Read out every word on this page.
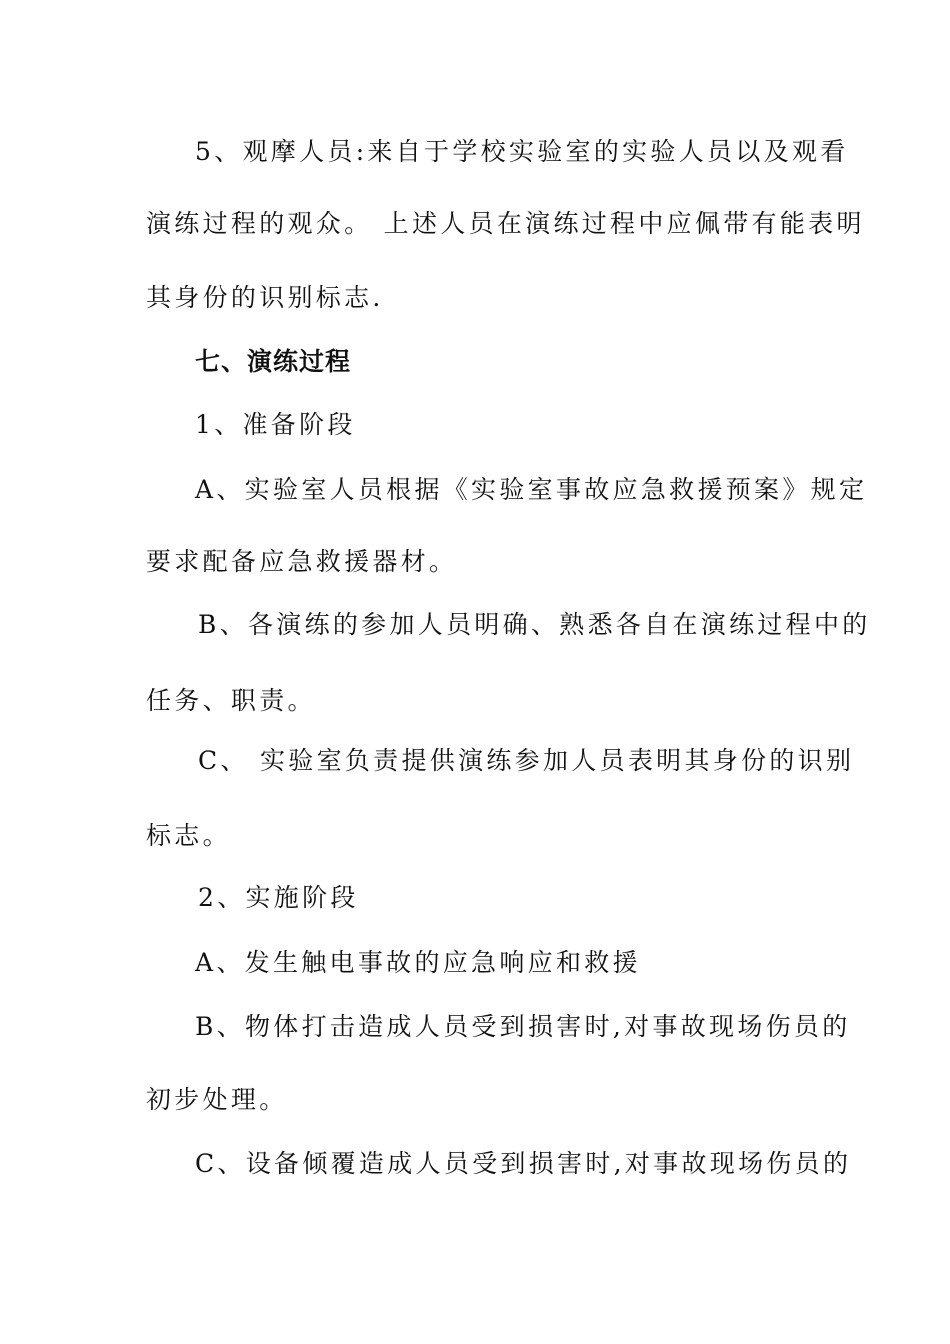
5、观摩人员:来自于学校实验室的实验人员以及观看
演练过程的观众。 上述人员在演练过程中应佩带有能表明
其身份的识别标志.
七、演练过程
1、准备阶段
A、实验室人员根据《实验室事故应急救援预案》规定
要求配备应急救援器材。
B、各演练的参加人员明确、熟悉各自在演练过程中的
任务、职责。
C、 实验室负责提供演练参加人员表明其身份的识别
标志。
2、实施阶段
A、发生触电事故的应急响应和救援
B、物体打击造成人员受到损害时,对事故现场伤员的
初步处理。
C、设备倾覆造成人员受到损害时,对事故现场伤员的
